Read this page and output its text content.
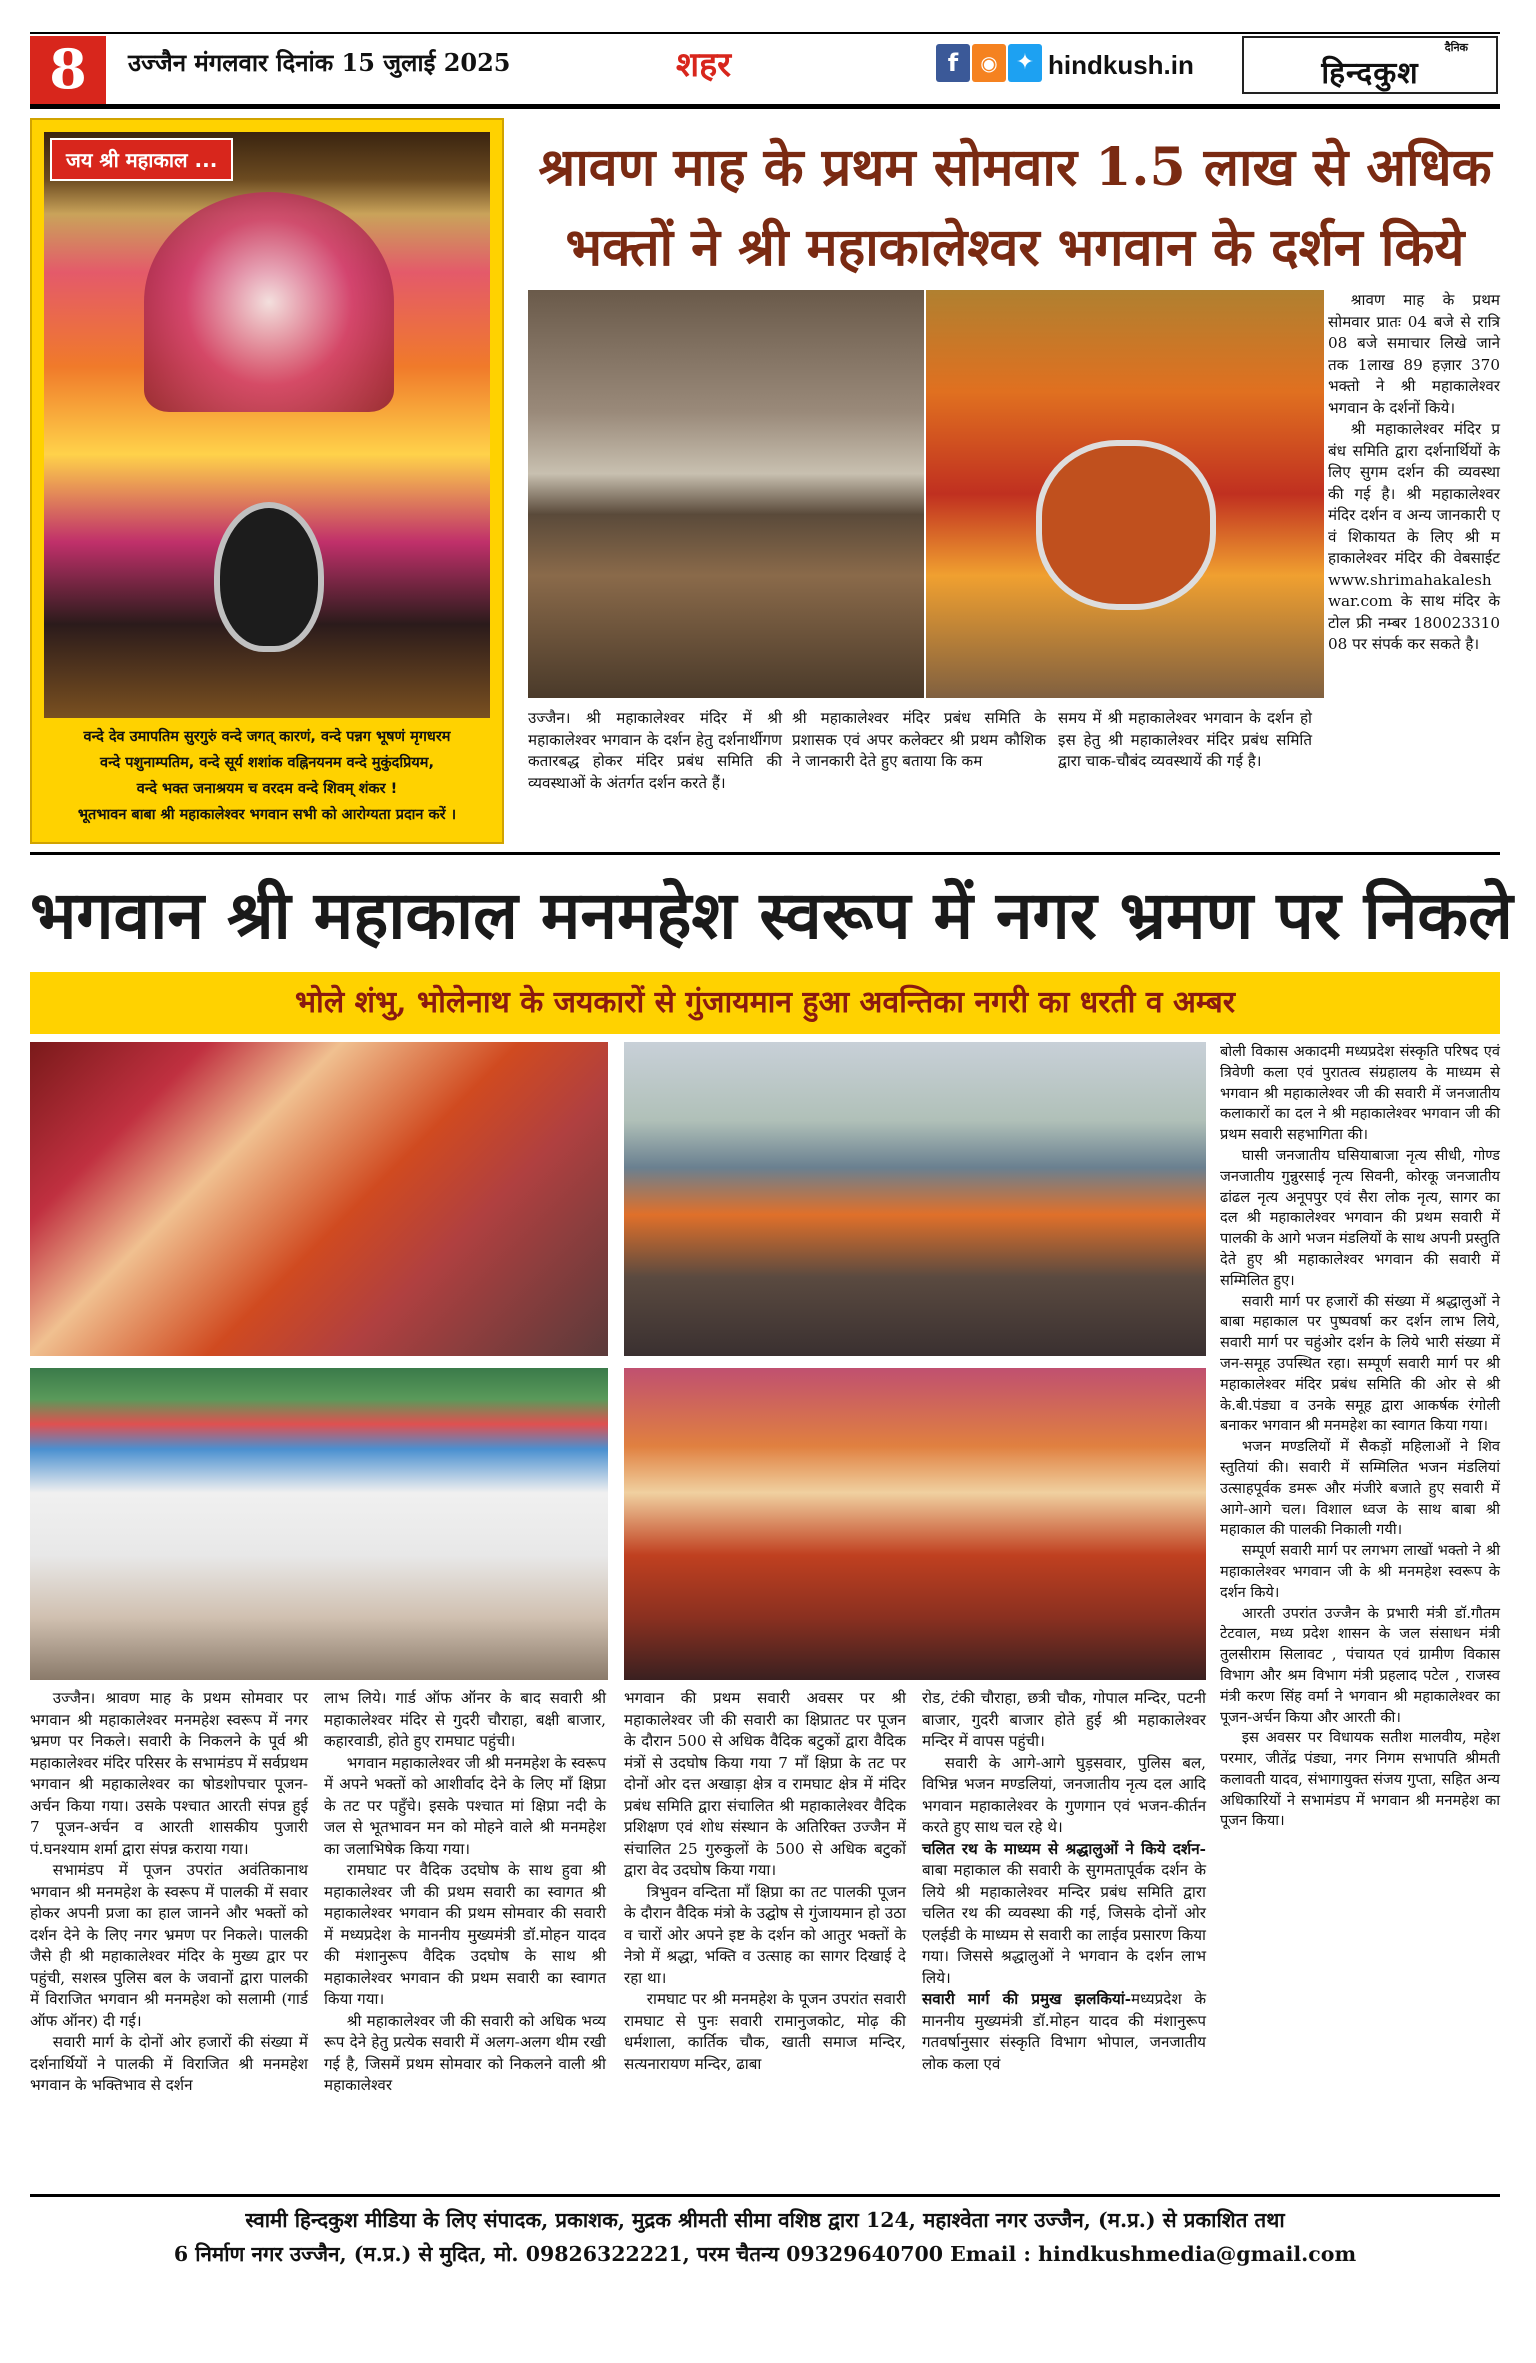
8	उज्जैन मंगलवार दिनांक 15 जुलाई 2025	शहर	f	◉ ✦ hindkush.in
दैनिक
हिन्दकुश
जय श्री महाकाल ...
वन्दे देव उमापतिम सुरगुरुं वन्दे जगत् कारणं, वन्दे पन्नग भूषणं मृगधरम
वन्दे पशुनाम्पतिम, वन्दे सूर्य शशांक वह्निनयनम वन्दे मुकुंदप्रियम,
वन्दे भक्त जनाश्रयम च वरदम वन्दे शिवम् शंकर !
भूतभावन बाबा श्री महाकालेश्वर भगवान सभी को आरोग्यता प्रदान करें ।
श्रावण माह के प्रथम सोमवार 1.5 लाख से अधिक
भक्तों ने श्री महाकालेश्वर भगवान के दर्शन किये
उज्जैन। श्री महाकालेश्वर मंदिर में श्री महाकालेश्वर भगवान के दर्शन हेतु दर्शनार्थीगण कतारबद्ध होकर मंदिर प्रबंध समिति की व्यवस्थाओं के अंतर्गत दर्शन करते हैं।
श्री महाकालेश्वर मंदिर प्रबंध समिति के प्रशासक एवं अपर कलेक्टर श्री प्रथम कौशिक ने जानकारी देते हुए बताया कि कम
समय में श्री महाकालेश्वर भगवान के दर्शन हो इस हेतु श्री महाकालेश्वर मंदिर प्रबंध समिति द्वारा चाक-चौबंद व्यवस्थायें की गई है।

श्रावण माह के प्रथम सोमवार प्रातः 04 बजे से रात्रि 08 बजे समाचार लिखे जाने तक 1लाख 89 हज़ार 370 भक्तो ने श्री महाकालेश्वर भगवान के दर्शनों किये।

श्री महाकालेश्वर मंदिर प्रबंध समिति द्वारा दर्शनार्थियों के लिए सुगम दर्शन की व्यवस्था की गई है। श्री महाकालेश्वर मंदिर दर्शन व अन्य जानकारी एवं शिकायत के लिए श्री महाकालेश्वर मंदिर की वेबसाईट www.shrimahakaleshwar.com के साथ मंदिर के टोल फ्री नम्बर 18002331008 पर संपर्क कर सकते है।

भगवान श्री महाकाल मनमहेश स्वरूप में नगर भ्रमण पर निकले
भोले शंभु, भोलेनाथ के जयकारों से गुंजायमान हुआ अवन्तिका नगरी का धरती व अम्बर

उज्जैन। श्रावण माह के प्रथम सोमवार पर भगवान श्री महाकालेश्वर मनमहेश स्वरूप में नगर भ्रमण पर निकले। सवारी के निकलने के पूर्व श्री महाकालेश्वर मंदिर परिसर के सभामंडप में सर्वप्रथम भगवान श्री महाकालेश्वर का षोडशोपचार पूजन-अर्चन किया गया। उसके पश्चात आरती संपन्न हुई 7 पूजन-अर्चन व आरती शासकीय पुजारी पं.घनश्याम शर्मा द्वारा संपन्न कराया गया।

सभामंडप में पूजन उपरांत अवंतिकानाथ भगवान श्री मनमहेश के स्वरूप में पालकी में सवार होकर अपनी प्रजा का हाल जानने और भक्तों को दर्शन देने के लिए नगर भ्रमण पर निकले। पालकी जैसे ही श्री महाकालेश्वर मंदिर के मुख्य द्वार पर पहुंची, सशस्त्र पुलिस बल के जवानों द्वारा पालकी में विराजित भगवान श्री मनमहेश को सलामी (गार्ड ऑफ ऑनर) दी गई।

सवारी मार्ग के दोनों ओर हजारों की संख्या में दर्शनार्थियों ने पालकी में विराजित श्री मनमहेश भगवान के भक्तिभाव से दर्शन

लाभ लिये। गार्ड ऑफ ऑनर के बाद सवारी श्री महाकालेश्वर मंदिर से गुदरी चौराहा, बक्षी बाजार, कहारवाडी, होते हुए रामघाट पहुंची।

भगवान महाकालेश्वर जी श्री मनमहेश के स्वरूप में अपने भक्तों को आशीर्वाद देने के लिए माँ क्षिप्रा के तट पर पहुँचे। इसके पश्चात मां क्षिप्रा नदी के जल से भूतभावन मन को मोहने वाले श्री मनमहेश का जलाभिषेक किया गया।

रामघाट पर वैदिक उदघोष के साथ हुवा श्री महाकालेश्वर जी की प्रथम सवारी का स्वागत श्री महाकालेश्वर भगवान की प्रथम सोमवार की सवारी में मध्यप्रदेश के माननीय मुख्यमंत्री डॉ.मोहन यादव की मंशानुरूप वैदिक उदघोष के साथ श्री महाकालेश्वर भगवान की प्रथम सवारी का स्वागत किया गया।

श्री महाकालेश्वर जी की सवारी को अधिक भव्य रूप देने हेतु प्रत्येक सवारी में अलग-अलग थीम रखी गई है, जिसमें प्रथम सोमवार को निकलने वाली श्री महाकालेश्वर

भगवान की प्रथम सवारी अवसर पर श्री महाकालेश्वर जी की सवारी का क्षिप्रातट पर पूजन के दौरान 500 से अधिक वैदिक बटुकों द्वारा वैदिक मंत्रों से उदघोष किया गया 7 माँ क्षिप्रा के तट पर दोनों ओर दत्त अखाड़ा क्षेत्र व रामघाट क्षेत्र में मंदिर प्रबंध समिति द्वारा संचालित श्री महाकालेश्वर वैदिक प्रशिक्षण एवं शोध संस्थान के अतिरिक्त उज्जैन में संचालित 25 गुरुकुलों के 500 से अधिक बटुकों द्वारा वेद उदघोष किया गया।

त्रिभुवन वन्दिता माँ क्षिप्रा का तट पालकी पूजन के दौरान वैदिक मंत्रो के उद्घोष से गुंजायमान हो उठा व चारों ओर अपने इष्ट के दर्शन को आतुर भक्तों के नेत्रो में श्रद्धा, भक्ति व उत्साह का सागर दिखाई दे रहा था।

रामघाट पर श्री मनमहेश के पूजन उपरांत सवारी रामघाट से पुनः सवारी रामानुजकोट, मोढ़ की धर्मशाला, कार्तिक चौक, खाती समाज मन्दिर, सत्यनारायण मन्दिर, ढाबा

रोड, टंकी चौराहा, छत्री चौक, गोपाल मन्दिर, पटनी बाजार, गुदरी बाजार होते हुई श्री महाकालेश्वर मन्दिर में वापस पहुंची।

सवारी के आगे-आगे घुड़सवार, पुलिस बल, विभिन्न भजन मण्डलियां, जनजातीय नृत्य दल आदि भगवान महाकालेश्वर के गुणगान एवं भजन-कीर्तन करते हुए साथ चल रहे थे।

चलित रथ के माध्यम से श्रद्धालुओं ने किये दर्शन-बाबा महाकाल की सवारी के सुगमतापूर्वक दर्शन के लिये श्री महाकालेश्वर मन्दिर प्रबंध समिति द्वारा चलित रथ की व्यवस्था की गई, जिसके दोनों ओर एलईडी के माध्यम से सवारी का लाईव प्रसारण किया गया। जिससे श्रद्धालुओं ने भगवान के दर्शन लाभ लिये।

सवारी मार्ग की प्रमुख झलकियां-मध्यप्रदेश के माननीय मुख्यमंत्री डॉ.मोहन यादव की मंशानुरूप गतवर्षानुसार संस्कृति विभाग भोपाल, जनजातीय लोक कला एवं

बोली विकास अकादमी मध्यप्रदेश संस्कृति परिषद एवं त्रिवेणी कला एवं पुरातत्व संग्रहालय के माध्यम से भगवान श्री महाकालेश्वर जी की सवारी में जनजातीय कलाकारों का दल ने श्री महाकालेश्वर भगवान जी की प्रथम सवारी सहभागिता की।

घासी जनजातीय घसियाबाजा नृत्य सीधी, गोण्ड जनजातीय गुन्नुरसाई नृत्य सिवनी, कोरकू जनजातीय ढांढल नृत्य अनूपपुर एवं सैरा लोक नृत्य, सागर का दल श्री महाकालेश्वर भगवान की प्रथम सवारी में पालकी के आगे भजन मंडलियों के साथ अपनी प्रस्तुति देते हुए श्री महाकालेश्वर भगवान की सवारी में सम्मिलित हुए।

सवारी मार्ग पर हजारों की संख्या में श्रद्धालुओं ने बाबा महाकाल पर पुष्पवर्षा कर दर्शन लाभ लिये, सवारी मार्ग पर चहुंओर दर्शन के लिये भारी संख्या में जन-समूह उपस्थित रहा। सम्पूर्ण सवारी मार्ग पर श्री महाकालेश्वर मंदिर प्रबंध समिति की ओर से श्री के.बी.पंड्या व उनके समूह द्वारा आकर्षक रंगोली बनाकर भगवान श्री मनमहेश का स्वागत किया गया।

भजन मण्डलियों में सैकड़ों महिलाओं ने शिव स्तुतियां की। सवारी में सम्मिलित भजन मंडलियां उत्साहपूर्वक डमरू और मंजीरे बजाते हुए सवारी में आगे-आगे चल। विशाल ध्वज के साथ बाबा श्री महाकाल की पालकी निकाली गयी।

सम्पूर्ण सवारी मार्ग पर लगभग लाखों भक्तो ने श्री महाकालेश्वर भगवान जी के श्री मनमहेश स्वरूप के दर्शन किये।

आरती उपरांत उज्जैन के प्रभारी मंत्री डॉ.गौतम टेटवाल, मध्य प्रदेश शासन के जल संसाधन मंत्री तुलसीराम सिलावट , पंचायत एवं ग्रामीण विकास विभाग और श्रम विभाग मंत्री प्रहलाद पटेल , राजस्व मंत्री करण सिंह वर्मा ने भगवान श्री महाकालेश्वर का पूजन-अर्चन किया और आरती की।

इस अवसर पर विधायक सतीश मालवीय, महेश परमार, जीतेंद्र पंड्या, नगर निगम सभापति श्रीमती कलावती यादव, संभागायुक्त संजय गुप्ता, सहित अन्य अधिकारियों ने सभामंडप में भगवान श्री मनमहेश का पूजन किया।

स्वामी हिन्दकुश मीडिया के लिए संपादक, प्रकाशक, मुद्रक श्रीमती सीमा वशिष्ठ द्वारा 124, महाश्वेता नगर उज्जैन, (म.प्र.) से प्रकाशित तथा
6 निर्माण नगर उज्जैन, (म.प्र.) से मुदित, मो. 09826322221, परम चैतन्य 09329640700 Email : hindkushmedia@gmail.com
